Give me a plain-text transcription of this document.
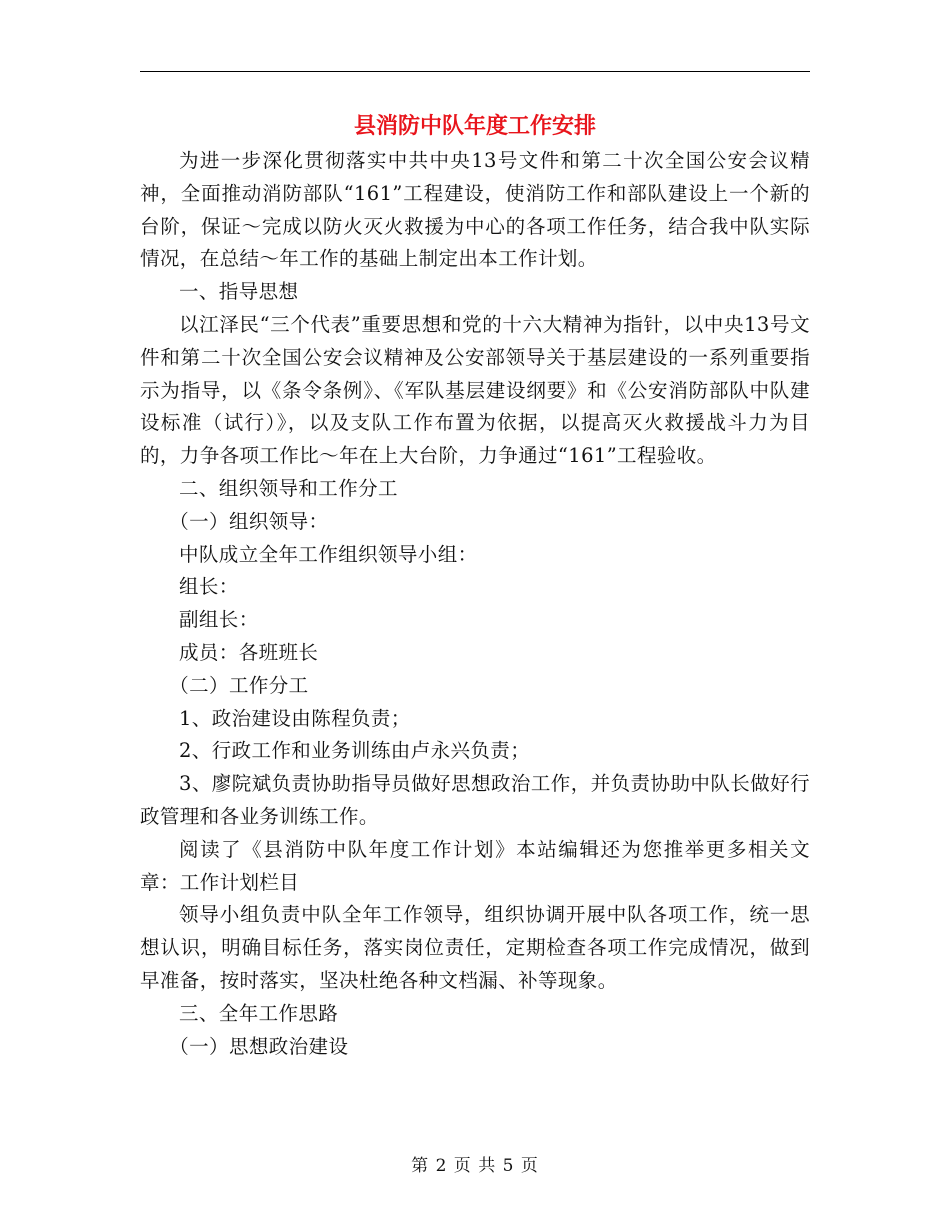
县消防中队年度工作安排

为进一步深化贯彻落实中共中央13号文件和第二十次全国公安会议精神，全面推动消防部队“161”工程建设，使消防工作和部队建设上一个新的台阶，保证～完成以防火灭火救援为中心的各项工作任务，结合我中队实际情况，在总结～年工作的基础上制定出本工作计划。

一、指导思想

以江泽民“三个代表”重要思想和党的十六大精神为指针，以中央13号文件和第二十次全国公安会议精神及公安部领导关于基层建设的一系列重要指示为指导，以《条令条例》、《军队基层建设纲要》和《公安消防部队中队建设标准（试行）》，以及支队工作布置为依据，以提高灭火救援战斗力为目的，力争各项工作比～年在上大台阶，力争通过“161”工程验收。

二、组织领导和工作分工

（一）组织领导：

中队成立全年工作组织领导小组：

组长：

副组长：

成员：各班班长

（二）工作分工

1、政治建设由陈程负责；

2、行政工作和业务训练由卢永兴负责；

3、廖院斌负责协助指导员做好思想政治工作，并负责协助中队长做好行政管理和各业务训练工作。

阅读了《县消防中队年度工作计划》本站编辑还为您推举更多相关文章：工作计划栏目

领导小组负责中队全年工作领导，组织协调开展中队各项工作，统一思想认识，明确目标任务，落实岗位责任，定期检查各项工作完成情况，做到早准备，按时落实，坚决杜绝各种文档漏、补等现象。

三、全年工作思路

（一）思想政治建设

第 2 页 共 5 页
